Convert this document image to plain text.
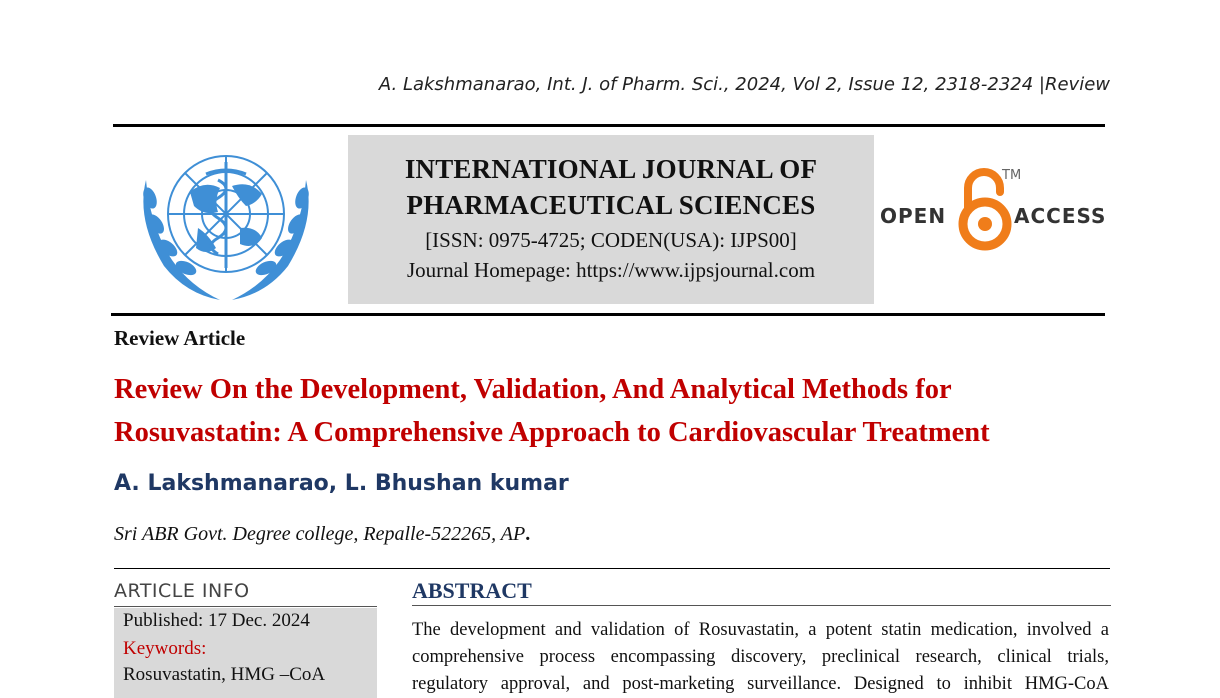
A. Lakshmanarao, Int. J. of Pharm. Sci., 2024, Vol 2, Issue 12, 2318-2324 |Review
INTERNATIONAL JOURNAL OF
PHARMACEUTICAL SCIENCES
[ISSN: 0975-4725; CODEN(USA): IJPS00]
Journal Homepage: https://www.ijpsjournal.com
OPEN
TM
ACCESS
Review Article
Review On the Development, Validation, And Analytical Methods for
Rosuvastatin: A Comprehensive Approach to Cardiovascular Treatment
A. Lakshmanarao, L. Bhushan kumar
Sri ABR Govt. Degree college, Repalle-522265, AP.
ARTICLE INFO
Published: 17 Dec. 2024
Keywords:
Rosuvastatin, HMG –CoA
ABSTRACT
The development and validation of Rosuvastatin, a potent statin medication, involved a
comprehensive process encompassing discovery, preclinical research, clinical trials,
regulatory approval, and post-marketing surveillance. Designed to inhibit HMG-CoA
